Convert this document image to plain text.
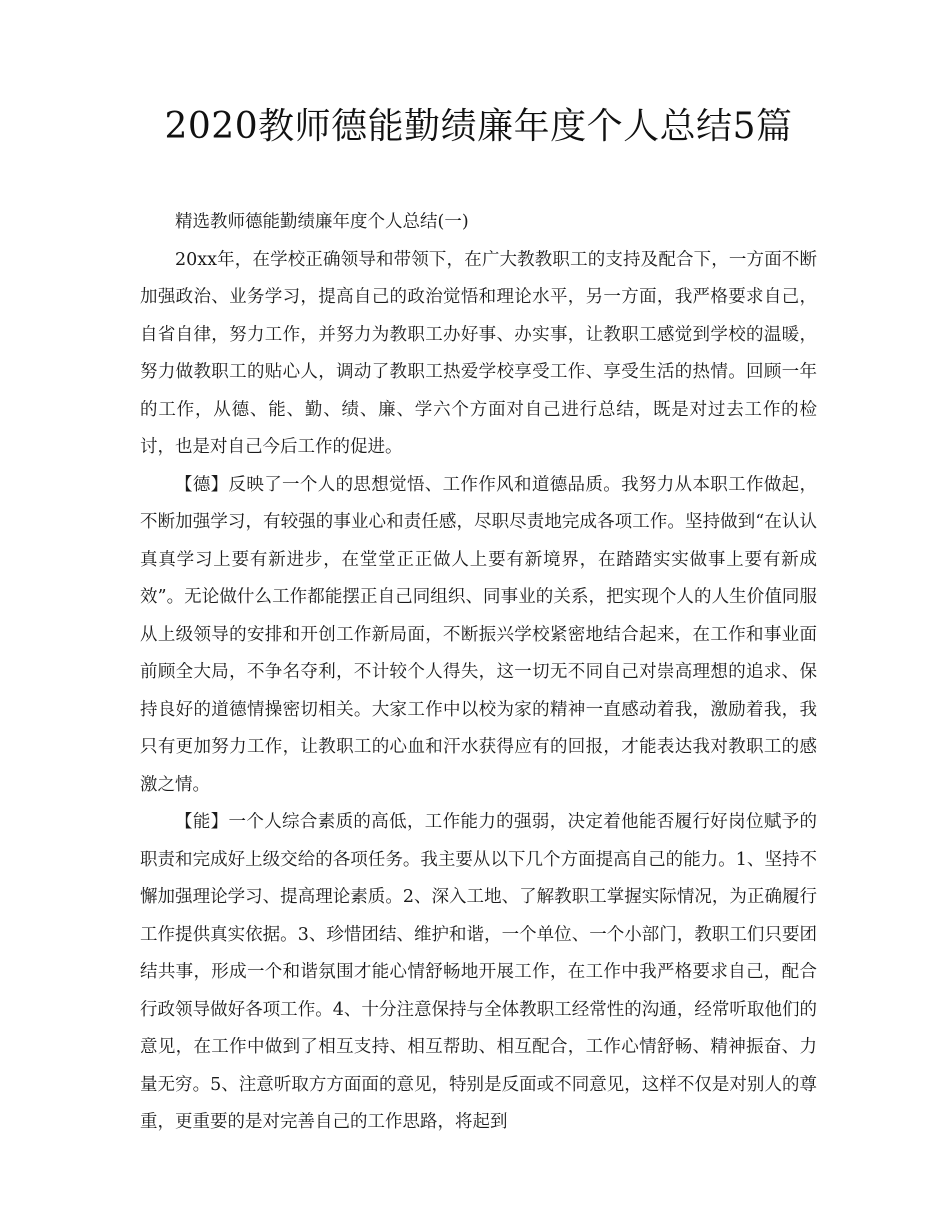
2020教师德能勤绩廉年度个人总结5篇

精选教师德能勤绩廉年度个人总结(一)

20xx年，在学校正确领导和带领下，在广大教教职工的支持及配合下，一方面不断加强政治、业务学习，提高自己的政治觉悟和理论水平，另一方面，我严格要求自己，自省自律，努力工作，并努力为教职工办好事、办实事，让教职工感觉到学校的温暖，努力做教职工的贴心人，调动了教职工热爱学校享受工作、享受生活的热情。回顾一年的工作，从德、能、勤、绩、廉、学六个方面对自己进行总结，既是对过去工作的检讨，也是对自己今后工作的促进。

【德】反映了一个人的思想觉悟、工作作风和道德品质。我努力从本职工作做起，不断加强学习，有较强的事业心和责任感，尽职尽责地完成各项工作。坚持做到“在认认真真学习上要有新进步，在堂堂正正做人上要有新境界，在踏踏实实做事上要有新成效”。无论做什么工作都能摆正自己同组织、同事业的关系，把实现个人的人生价值同服从上级领导的安排和开创工作新局面，不断振兴学校紧密地结合起来，在工作和事业面前顾全大局，不争名夺利，不计较个人得失，这一切无不同自己对崇高理想的追求、保持良好的道德情操密切相关。大家工作中以校为家的精神一直感动着我，激励着我，我只有更加努力工作，让教职工的心血和汗水获得应有的回报，才能表达我对教职工的感激之情。

【能】一个人综合素质的高低，工作能力的强弱，决定着他能否履行好岗位赋予的职责和完成好上级交给的各项任务。我主要从以下几个方面提高自己的能力。1、坚持不懈加强理论学习、提高理论素质。2、深入工地、了解教职工掌握实际情况，为正确履行工作提供真实依据。3、珍惜团结、维护和谐，一个单位、一个小部门，教职工们只要团结共事，形成一个和谐氛围才能心情舒畅地开展工作，在工作中我严格要求自己，配合行政领导做好各项工作。4、十分注意保持与全体教职工经常性的沟通，经常听取他们的意见，在工作中做到了相互支持、相互帮助、相互配合，工作心情舒畅、精神振奋、力量无穷。5、注意听取方方面面的意见，特别是反面或不同意见，这样不仅是对别人的尊重，更重要的是对完善自己的工作思路，将起到
